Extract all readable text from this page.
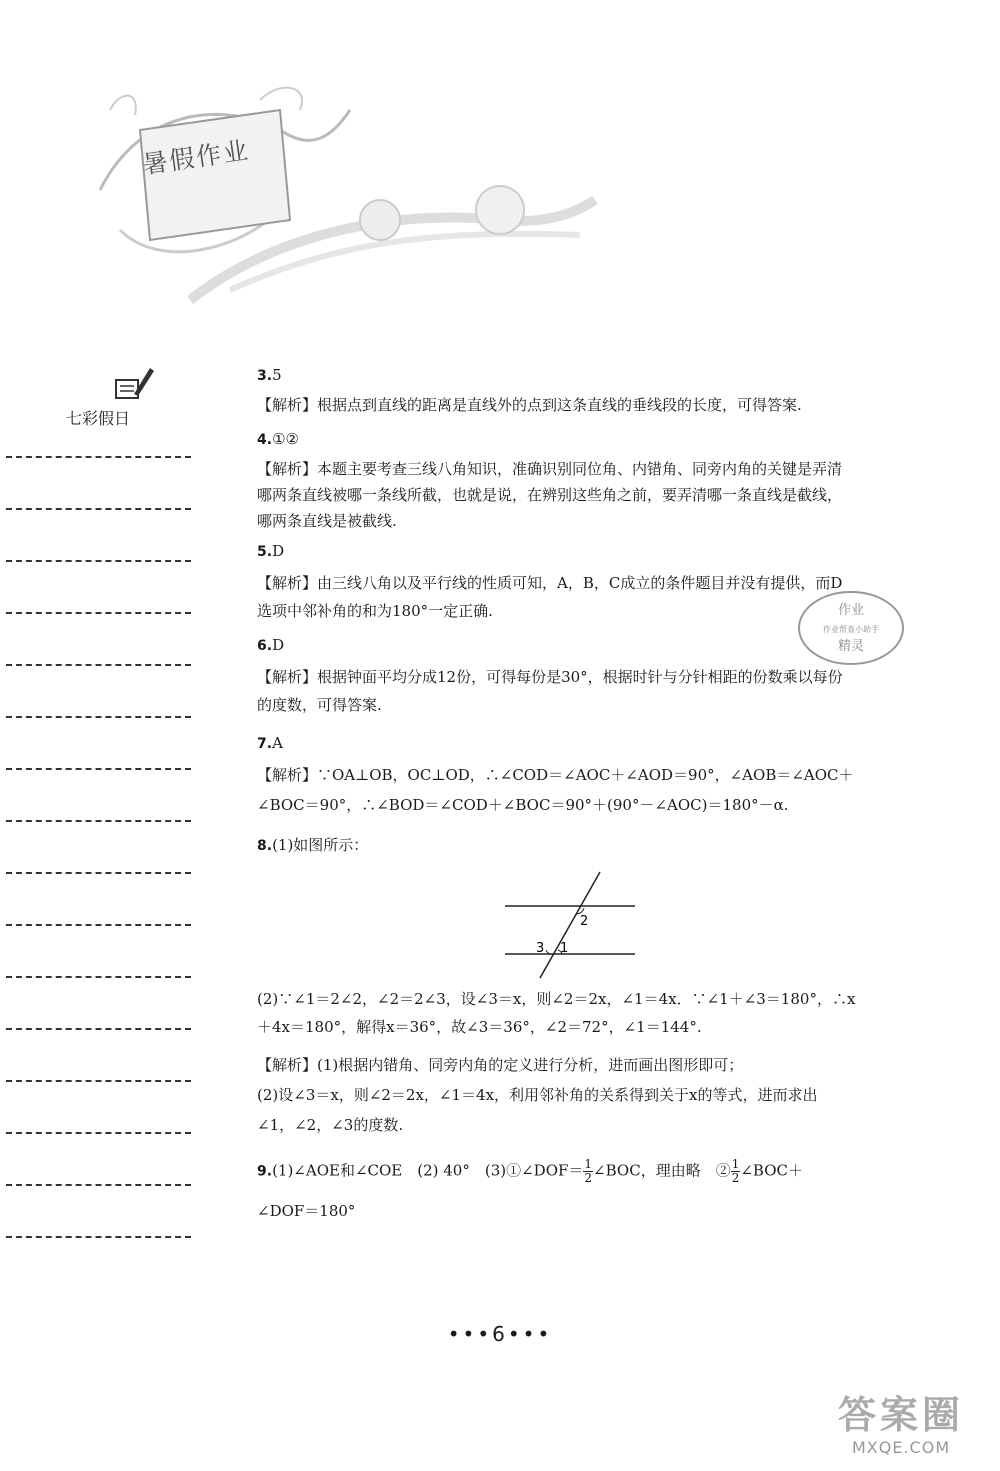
暑假作业
七彩假日
3.5
【解析】根据点到直线的距离是直线外的点到这条直线的垂线段的长度，可得答案.
4.①②
【解析】本题主要考查三线八角知识，准确识别同位角、内错角、同旁内角的关键是弄清
哪两条直线被哪一条线所截，也就是说，在辨别这些角之前，要弄清哪一条直线是截线，
哪两条直线是被截线.
5.D
【解析】由三线八角以及平行线的性质可知，A，B，C成立的条件题目并没有提供，而D
选项中邻补角的和为180°一定正确.
6.D
【解析】根据钟面平均分成12份，可得每份是30°，根据时针与分针相距的份数乘以每份
的度数，可得答案.
7.A
【解析】∵OA⊥OB，OC⊥OD，∴∠COD＝∠AOC＋∠AOD＝90°，∠AOB＝∠AOC＋
∠BOC＝90°，∴∠BOD＝∠COD＋∠BOC＝90°＋(90°－∠AOC)＝180°－α.
8.(1)如图所示：
2
3 1
(2)∵∠1＝2∠2，∠2＝2∠3，设∠3＝x，则∠2＝2x，∠1＝4x．∵∠1＋∠3＝180°，∴x
＋4x＝180°，解得x＝36°，故∠3＝36°，∠2＝72°，∠1＝144°.
【解析】(1)根据内错角、同旁内角的定义进行分析，进而画出图形即可；
(2)设∠3＝x，则∠2＝2x，∠1＝4x，利用邻补角的关系得到关于x的等式，进而求出
∠1，∠2，∠3的度数.
9.(1)∠AOE和∠COE　(2) 40°　(3)①∠DOF＝ $\frac{1}{2}$ ∠BOC，理由略　② $\frac{1}{2}$ ∠BOC＋
∠DOF＝180°
作业
作业帮查小助手
精灵
•••6•••
答案圈
MXQE.COM
